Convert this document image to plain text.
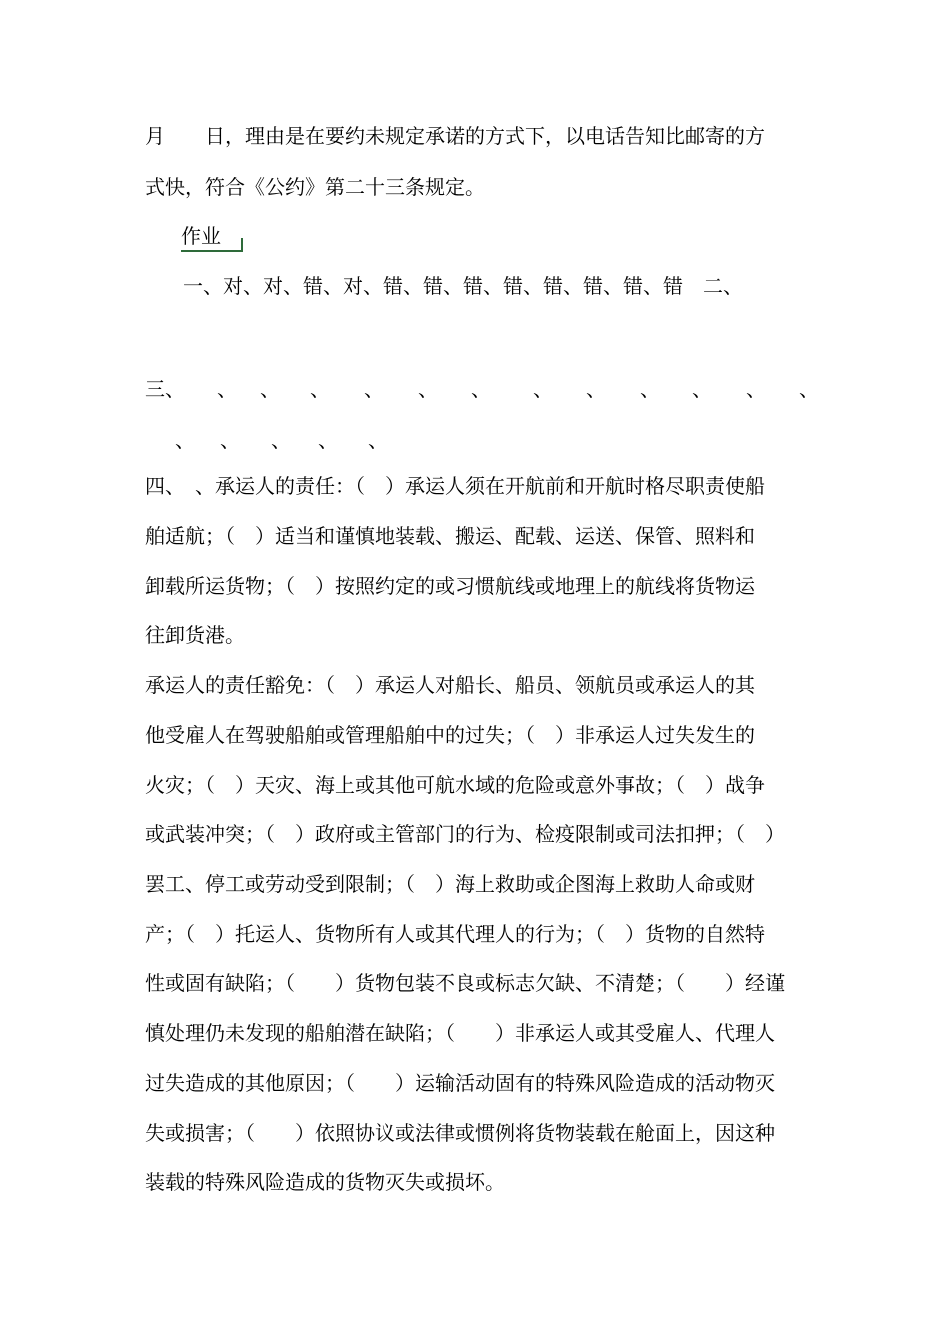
月　　日，理由是在要约未规定承诺的方式下，以电话告知比邮寄的方
式快，符合《公约》第二十三条规定。
作业
一、对、对、错、对、错、错、错、错、错、错、错、错　二、
三、 、 、 、 、 、 、 、 、 、 、 、 、
、 、 、 、 、
四、　、承运人的责任：（　）承运人须在开航前和开航时格尽职责使船
舶适航；（　）适当和谨慎地装载、搬运、配载、运送、保管、照料和
卸载所运货物；（　）按照约定的或习惯航线或地理上的航线将货物运
往卸货港。
承运人的责任豁免：（　）承运人对船长、船员、领航员或承运人的其
他受雇人在驾驶船舶或管理船舶中的过失；（　）非承运人过失发生的
火灾；（　）天灾、海上或其他可航水域的危险或意外事故；（　）战争
或武装冲突；（　）政府或主管部门的行为、检疫限制或司法扣押；（　）
罢工、停工或劳动受到限制；（　）海上救助或企图海上救助人命或财
产；（　）托运人、货物所有人或其代理人的行为；（　）货物的自然特
性或固有缺陷；（　　）货物包装不良或标志欠缺、不清楚；（　　）经谨
慎处理仍未发现的船舶潜在缺陷；（　　）非承运人或其受雇人、代理人
过失造成的其他原因；（　　）运输活动固有的特殊风险造成的活动物灭
失或损害；（　　）依照协议或法律或惯例将货物装载在舱面上，因这种
装载的特殊风险造成的货物灭失或损坏。
